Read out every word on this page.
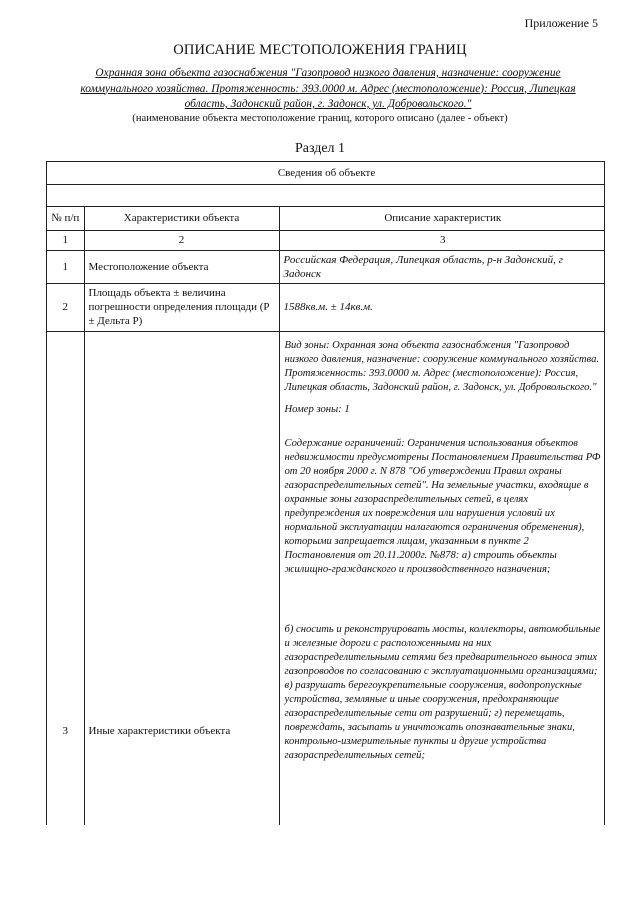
Приложение 5
ОПИСАНИЕ МЕСТОПОЛОЖЕНИЯ ГРАНИЦ
Охранная зона объекта газоснабжения "Газопровод низкого давления, назначение: сооружение коммунального хозяйства. Протяженность: 393.0000 м. Адрес (местоположение): Россия, Липецкая область, Задонский район, г. Задонск, ул. Добровольского."
(наименование объекта местоположение границ, которого описано (далее - объект)
Раздел 1
Сведения об объекте		

№ п/п	Характеристики объекта	Описание характеристик
1	2	3
1	Местоположение объекта	Российская Федерация, Липецкая область, р-н Задонский, г Задонск
2	Площадь объекта ± величина погрешности определения площади (Р ± Дельта Р)	1588кв.м. ± 14кв.м.
3	Иные характеристики объекта	Вид зоны: Охранная зона объекта газоснабжения "Газопровод низкого давления, назначение: сооружение коммунального хозяйства. Протяженность: 393.0000 м. Адрес (местоположение): Россия, Липецкая область, Задонский район, г. Задонск, ул. Добровольского."

Номер зоны: 1

Содержание ограничений: Ограничения использования объектов недвижимости предусмотрены Постановлением Правительства РФ от 20 ноября 2000 г. N 878 "Об утверждении Правил охраны газораспределительных сетей". На земельные участки, входящие в охранные зоны газораспределительных сетей, в целях предупреждения их повреждения или нарушения условий их нормальной эксплуатации налагаются ограничения обременения), которыми запрещается лицам, указанным в пункте 2 Постановления от 20.11.2000г. №878: а) строить объекты жилищно-гражданского и производственного назначения;

б) сносить и реконструировать мосты, коллекторы, автомобильные и железные дороги с расположенными на них газораспределительными сетями без предварительного выноса этих газопроводов по согласованию с эксплуатационными организациями; в) разрушать берегоукрепительные сооружения, водопропускные устройства, земляные и иные сооружения, предохраняющие газораспределительные сети от разрушений; г) перемещать, повреждать, засыпать и уничтожать опознавательные знаки, контрольно-измерительные пункты и другие устройства газораспределительных сетей;
